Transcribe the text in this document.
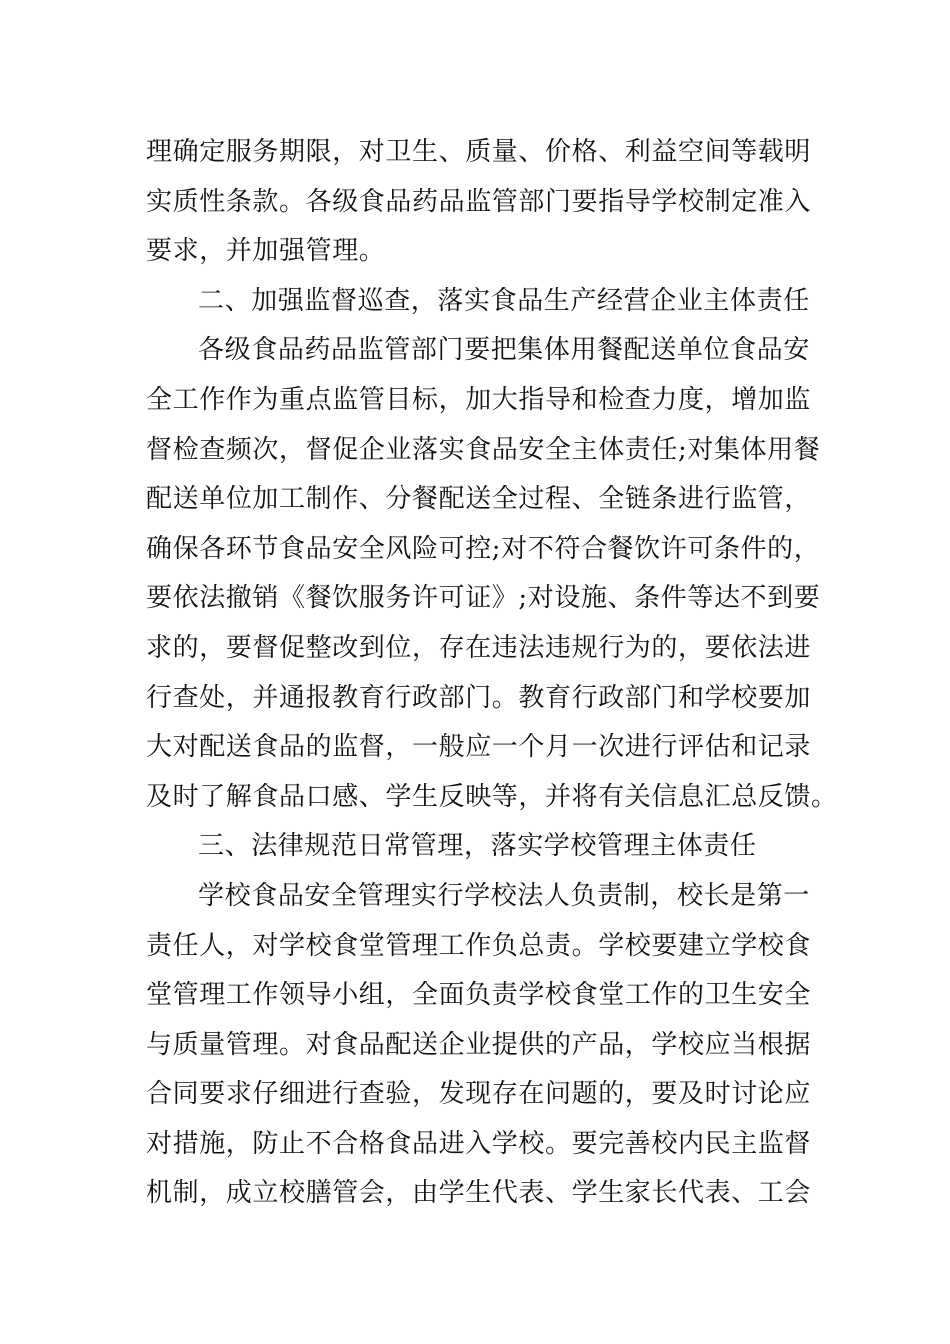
理确定服务期限，对卫生、质量、价格、利益空间等载明
实质性条款。各级食品药品监管部门要指导学校制定准入
要求，并加强管理。
二、加强监督巡查，落实食品生产经营企业主体责任
各级食品药品监管部门要把集体用餐配送单位食品安
全工作作为重点监管目标，加大指导和检查力度，增加监
督检查频次，督促企业落实食品安全主体责任;对集体用餐
配送单位加工制作、分餐配送全过程、全链条进行监管，
确保各环节食品安全风险可控;对不符合餐饮许可条件的，
要依法撤销《餐饮服务许可证》;对设施、条件等达不到要
求的，要督促整改到位，存在违法违规行为的，要依法进
行查处，并通报教育行政部门。教育行政部门和学校要加
大对配送食品的监督，一般应一个月一次进行评估和记录
及时了解食品口感、学生反映等，并将有关信息汇总反馈。
三、法律规范日常管理，落实学校管理主体责任
学校食品安全管理实行学校法人负责制，校长是第一
责任人，对学校食堂管理工作负总责。学校要建立学校食
堂管理工作领导小组，全面负责学校食堂工作的卫生安全
与质量管理。对食品配送企业提供的产品，学校应当根据
合同要求仔细进行查验，发现存在问题的，要及时讨论应
对措施，防止不合格食品进入学校。要完善校内民主监督
机制，成立校膳管会，由学生代表、学生家长代表、工会
